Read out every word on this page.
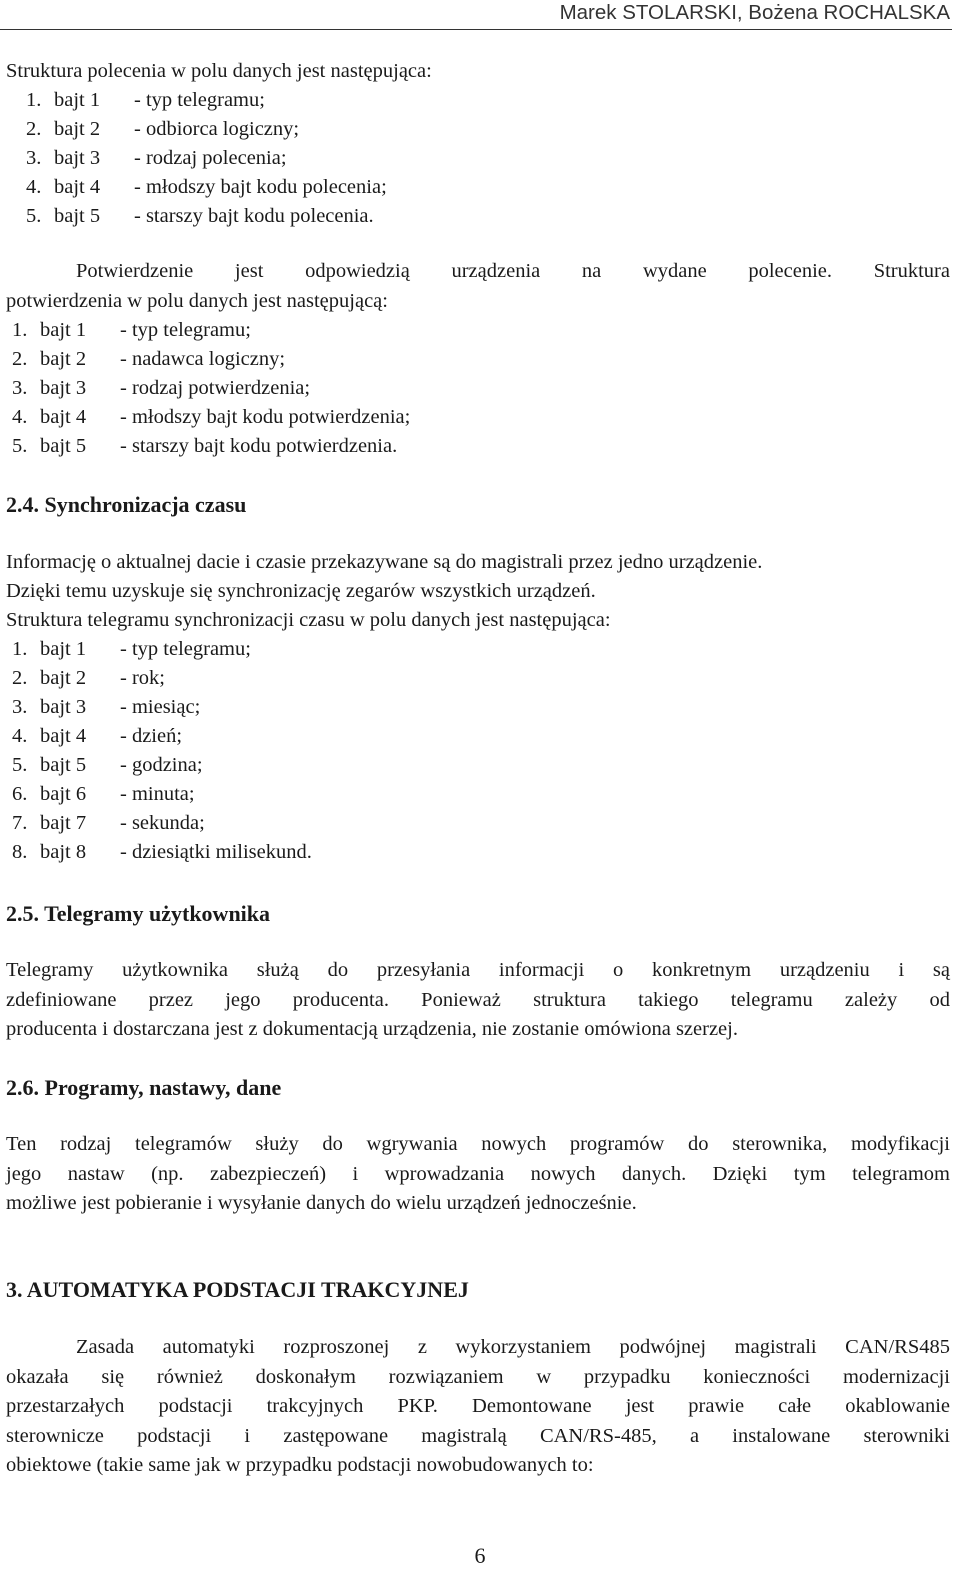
Marek STOLARSKI, Bożena ROCHALSKA
Struktura polecenia w polu danych jest następująca:
1. bajt 1 - typ telegramu;
2. bajt 2 - odbiorca logiczny;
3. bajt 3 - rodzaj polecenia;
4. bajt 4 - młodszy bajt kodu polecenia;
5. bajt 5 - starszy bajt kodu polecenia.
Potwierdzenie jest odpowiedzią urządzenia na wydane polecenie. Struktura
potwierdzenia w polu danych jest następującą:
1. bajt 1 - typ telegramu;
2. bajt 2 - nadawca logiczny;
3. bajt 3 - rodzaj potwierdzenia;
4. bajt 4 - młodszy bajt kodu potwierdzenia;
5. bajt 5 - starszy bajt kodu potwierdzenia.
2.4. Synchronizacja czasu
Informację o aktualnej dacie i czasie przekazywane są do magistrali przez jedno urządzenie.
Dzięki temu uzyskuje się synchronizację zegarów wszystkich urządzeń.
Struktura telegramu synchronizacji czasu w polu danych jest następująca:
1. bajt 1 - typ telegramu;
2. bajt 2 - rok;
3. bajt 3 - miesiąc;
4. bajt 4 - dzień;
5. bajt 5 - godzina;
6. bajt 6 - minuta;
7. bajt 7 - sekunda;
8. bajt 8 - dziesiątki milisekund.
2.5. Telegramy użytkownika
Telegramy użytkownika służą do przesyłania informacji o konkretnym urządzeniu i są
zdefiniowane przez jego producenta. Ponieważ struktura takiego telegramu zależy od
producenta i dostarczana jest z dokumentacją urządzenia, nie zostanie omówiona szerzej.
2.6. Programy, nastawy, dane
Ten rodzaj telegramów służy do wgrywania nowych programów do sterownika, modyfikacji
jego nastaw (np. zabezpieczeń) i wprowadzania nowych danych. Dzięki tym telegramom
możliwe jest pobieranie i wysyłanie danych do wielu urządzeń jednocześnie.
3. AUTOMATYKA PODSTACJI TRAKCYJNEJ
Zasada automatyki rozproszonej z wykorzystaniem podwójnej magistrali CAN/RS485
okazała się również doskonałym rozwiązaniem w przypadku konieczności modernizacji
przestarzałych podstacji trakcyjnych PKP. Demontowane jest prawie całe okablowanie
sterownicze podstacji i zastępowane magistralą CAN/RS-485, a instalowane sterowniki
obiektowe (takie same jak w przypadku podstacji nowobudowanych to:
6
